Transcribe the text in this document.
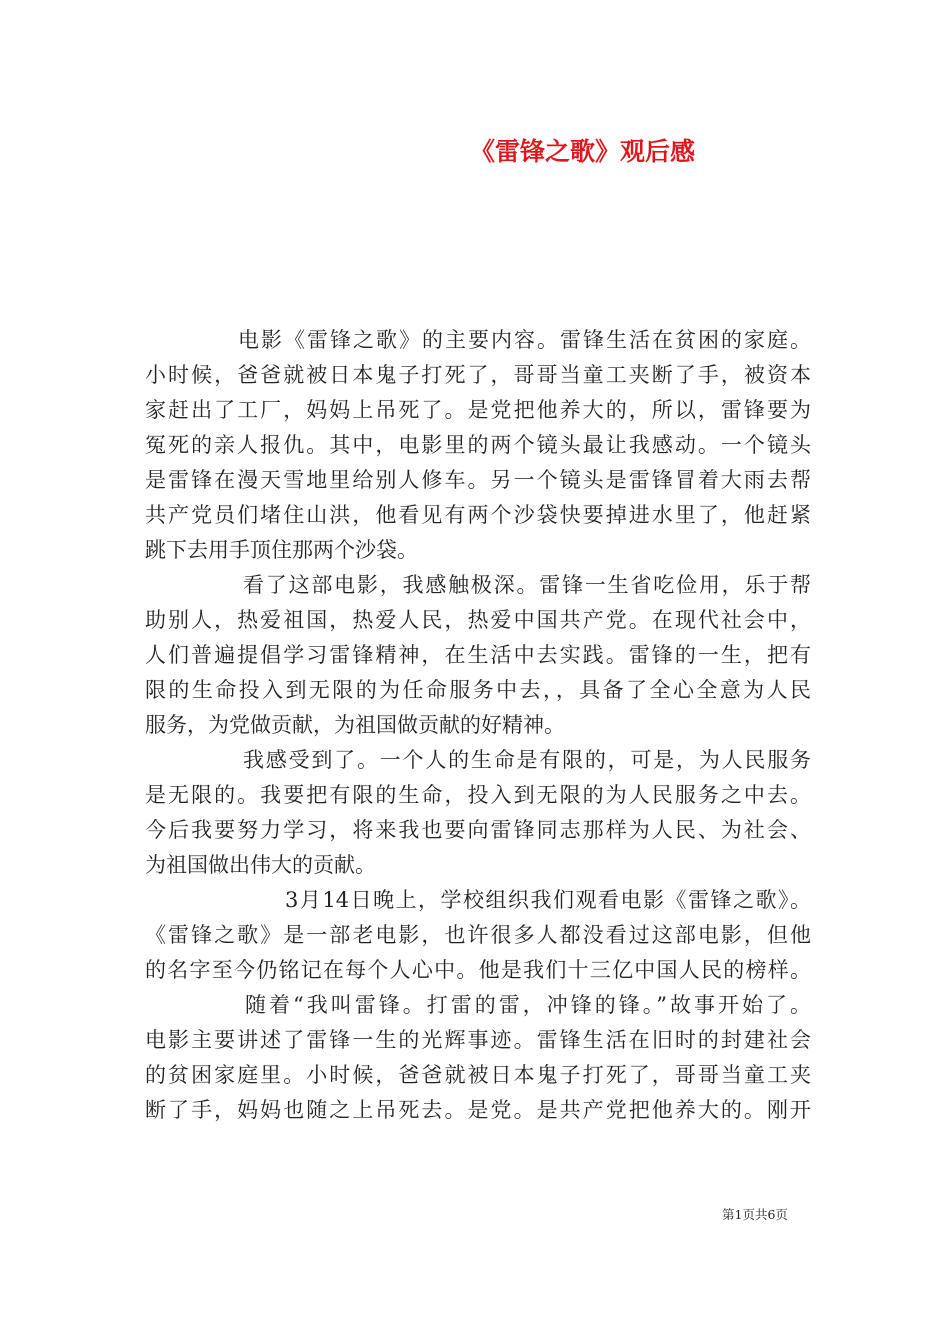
《雷锋之歌》观后感
电影《雷锋之歌》的主要内容。雷锋生活在贫困的家庭。
小时候，爸爸就被日本鬼子打死了，哥哥当童工夹断了手，被资本
家赶出了工厂，妈妈上吊死了。是党把他养大的，所以，雷锋要为
冤死的亲人报仇。其中，电影里的两个镜头最让我感动。一个镜头
是雷锋在漫天雪地里给别人修车。另一个镜头是雷锋冒着大雨去帮
共产党员们堵住山洪，他看见有两个沙袋快要掉进水里了，他赶紧
跳下去用手顶住那两个沙袋。
看了这部电影，我感触极深。雷锋一生省吃俭用，乐于帮
助别人，热爱祖国，热爱人民，热爱中国共产党。在现代社会中，
人们普遍提倡学习雷锋精神，在生活中去实践。雷锋的一生，把有
限的生命投入到无限的为任命服务中去，，具备了全心全意为人民
服务，为党做贡献，为祖国做贡献的好精神。
我感受到了。一个人的生命是有限的，可是，为人民服务
是无限的。我要把有限的生命，投入到无限的为人民服务之中去。
今后我要努力学习，将来我也要向雷锋同志那样为人民、为社会、
为祖国做出伟大的贡献。
3月14日晚上，学校组织我们观看电影《雷锋之歌》。
《雷锋之歌》是一部老电影，也许很多人都没看过这部电影，但他
的名字至今仍铭记在每个人心中。他是我们十三亿中国人民的榜样。
随着“我叫雷锋。打雷的雷，冲锋的锋。”故事开始了。
电影主要讲述了雷锋一生的光辉事迹。雷锋生活在旧时的封建社会
的贫困家庭里。小时候，爸爸就被日本鬼子打死了，哥哥当童工夹
断了手，妈妈也随之上吊死去。是党。是共产党把他养大的。刚开
第1页共6页
